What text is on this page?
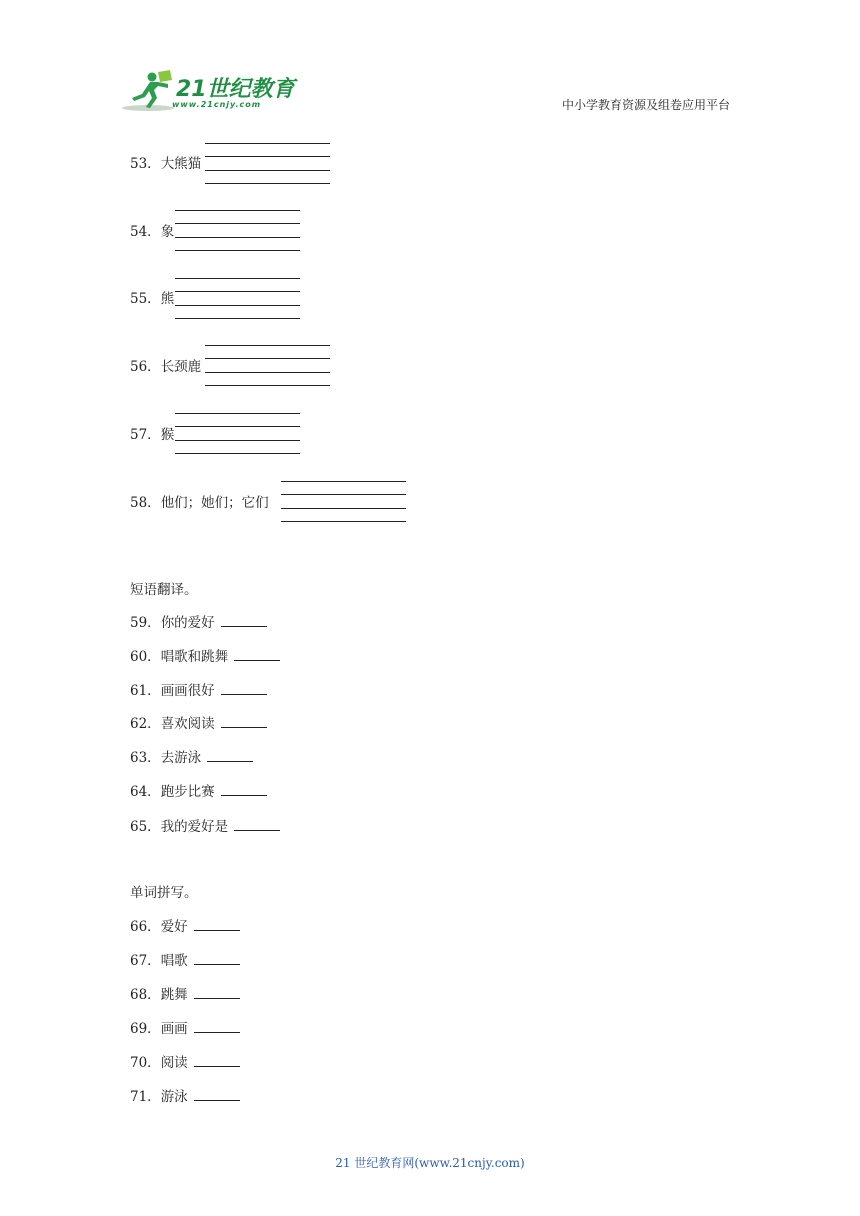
21世纪教育
www.21cnjy.com	中小学教育资源及组卷应用平台
53．大熊猫
54．象
55．熊
56．长颈鹿
57．猴
58．他们；她们；它们
短语翻译。
59．你的爱好
60．唱歌和跳舞
61．画画很好
62．喜欢阅读
63．去游泳
64．跑步比赛
65．我的爱好是
单词拼写。
66．爱好
67．唱歌
68．跳舞
69．画画
70．阅读
71．游泳
21 世纪教育网(www.21cnjy.com)
